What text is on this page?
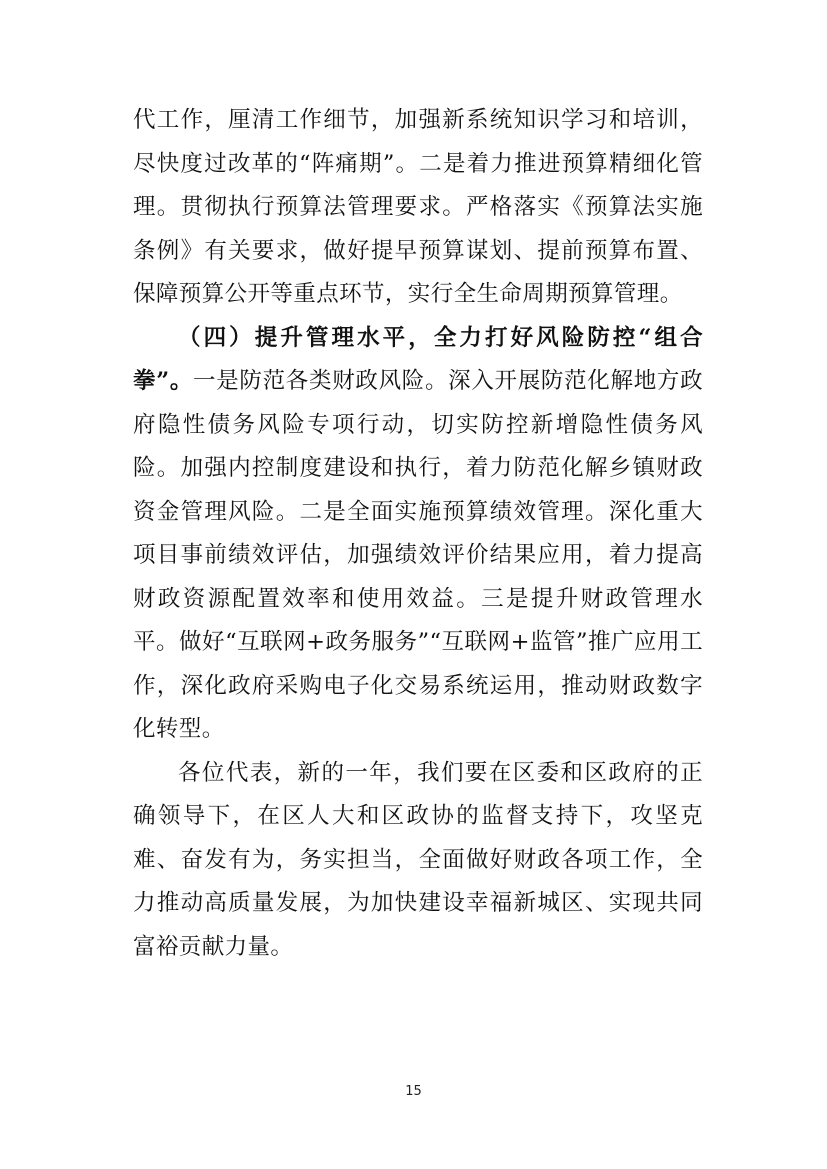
代工作，厘清工作细节，加强新系统知识学习和培训，尽快度过改革的“阵痛期”。二是着力推进预算精细化管理。贯彻执行预算法管理要求。严格落实《预算法实施条例》有关要求，做好提早预算谋划、提前预算布置、保障预算公开等重点环节，实行全生命周期预算管理。

（四）提升管理水平，全力打好风险防控“组合拳”。一是防范各类财政风险。深入开展防范化解地方政府隐性债务风险专项行动，切实防控新增隐性债务风险。加强内控制度建设和执行，着力防范化解乡镇财政资金管理风险。二是全面实施预算绩效管理。深化重大项目事前绩效评估，加强绩效评价结果应用，着力提高财政资源配置效率和使用效益。三是提升财政管理水平。做好“互联网+政务服务”“互联网+监管”推广应用工作，深化政府采购电子化交易系统运用，推动财政数字化转型。

各位代表，新的一年，我们要在区委和区政府的正确领导下，在区人大和区政协的监督支持下，攻坚克难、奋发有为，务实担当，全面做好财政各项工作，全力推动高质量发展，为加快建设幸福新城区、实现共同富裕贡献力量。

15
